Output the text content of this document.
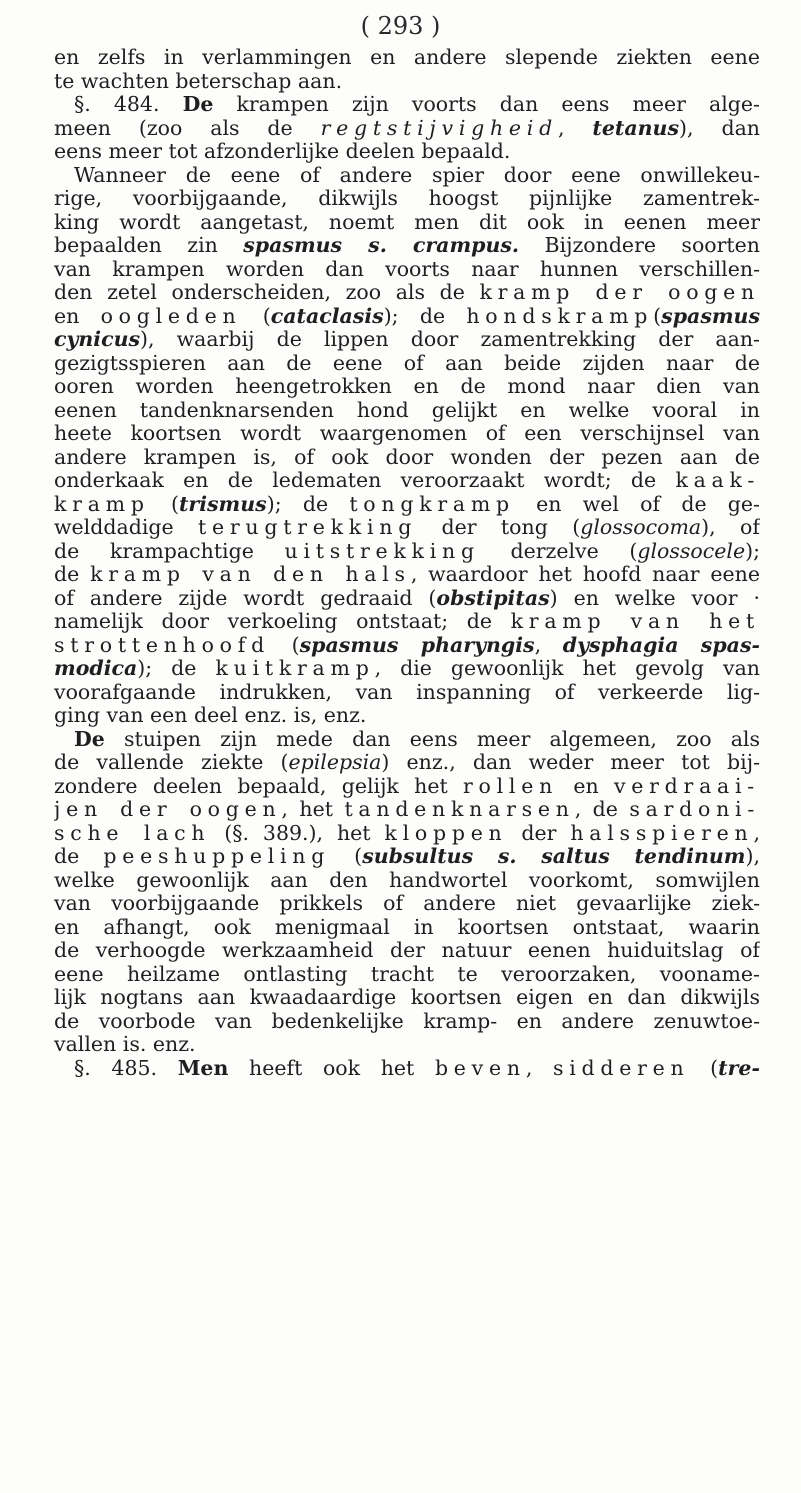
( 293 )
en zelfs in verlammingen en andere slepende ziekten eene
te wachten beterschap aan.
§. 484. De krampen zijn voorts dan eens meer alge-
meen (zoo als de regtstijvigheid, tetanus), dan
eens meer tot afzonderlijke deelen bepaald.
Wanneer de eene of andere spier door eene onwillekeu-
rige, voorbijgaande, dikwijls hoogst pijnlijke zamentrek-
king wordt aangetast, noemt men dit ook in eenen meer
bepaalden zin spasmus s. crampus. Bijzondere soorten
van krampen worden dan voorts naar hunnen verschillen-
den zetel onderscheiden, zoo als de kramp der oogen
en oogleden (cataclasis); de hondskramp(spasmus
cynicus), waarbij de lippen door zamentrekking der aan-
gezigtsspieren aan de eene of aan beide zijden naar de
ooren worden heengetrokken en de mond naar dien van
eenen tandenknarsenden hond gelijkt en welke vooral in
heete koortsen wordt waargenomen of een verschijnsel van
andere krampen is, of ook door wonden der pezen aan de
onderkaak en de ledematen veroorzaakt wordt; de kaak-
kramp (trismus); de tongkramp en wel of de ge-
welddadige terugtrekking der tong (glossocoma), of
de krampachtige uitstrekking derzelve (glossocele);
de kramp van den hals, waardoor het hoofd naar eene
of andere zijde wordt gedraaid (obstipitas) en welke voor ·
namelijk door verkoeling ontstaat; de kramp van het
strottenhoofd (spasmus pharyngis, dysphagia spas-
modica); de kuitkramp, die gewoonlijk het gevolg van
voorafgaande indrukken, van inspanning of verkeerde lig-
ging van een deel enz. is, enz.
De stuipen zijn mede dan eens meer algemeen, zoo als
de vallende ziekte (epilepsia) enz., dan weder meer tot bij-
zondere deelen bepaald, gelijk het rollen en verdraai-
jen der oogen, het tandenknarsen, de sardoni-
sche lach (§. 389.), het kloppen der halsspieren,
de peeshuppeling (subsultus s. saltus tendinum),
welke gewoonlijk aan den handwortel voorkomt, somwijlen
van voorbijgaande prikkels of andere niet gevaarlijke ziek-
en afhangt, ook menigmaal in koortsen ontstaat, waarin
de verhoogde werkzaamheid der natuur eenen huiduitslag of
eene heilzame ontlasting tracht te veroorzaken, vooname-
lijk nogtans aan kwaadaardige koortsen eigen en dan dikwijls
de voorbode van bedenkelijke kramp- en andere zenuwtoe-
vallen is. enz.
§. 485. Men heeft ook het beven, sidderen (tre-
